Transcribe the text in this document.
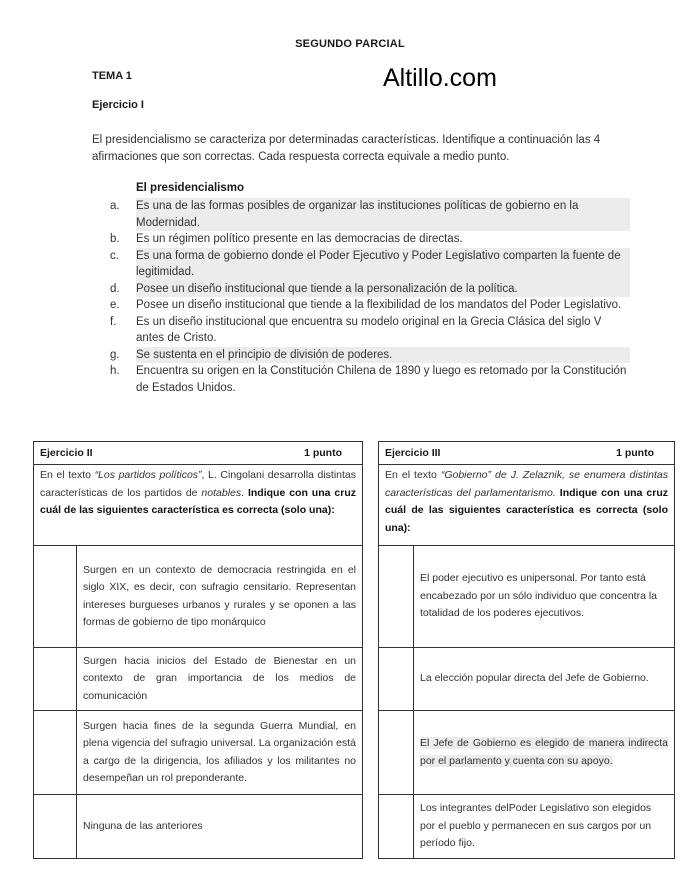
SEGUNDO PARCIAL
TEMA 1	Altillo.com
Ejercicio I
El presidencialismo se caracteriza por determinadas características. Identifique a continuación las 4 afirmaciones que son correctas. Cada respuesta correcta equivale a medio punto.
El presidencialismo
a.	Es una de las formas posibles de organizar las instituciones políticas de gobierno en la Modernidad.
b.	Es un régimen político presente en las democracias de directas.
c.	Es una forma de gobierno donde el Poder Ejecutivo y Poder Legislativo comparten la fuente de legitimidad.
d.	Posee un diseño institucional que tiende a la personalización de la política.
e.	Posee un diseño institucional que tiende a la flexibilidad de los mandatos del Poder Legislativo.
f.	Es un diseño institucional que encuentra su modelo original en la Grecia Clásica del siglo V antes de Cristo.
g.	Se sustenta en el principio de división de poderes.
h.	Encuentra su origen en la Constitución Chilena de 1890 y luego es retomado por la Constitución de Estados Unidos.
Ejercicio II	1 punto
En el texto “Los partidos políticos”, L. Cingolani desarrolla distintas características de los partidos de notables. Indique con una cruz cuál de las siguientes característica es correcta (solo una):
	Surgen en un contexto de democracia restringida en el siglo XIX, es decir, con sufragio censitario. Representan intereses burgueses urbanos y rurales y se oponen a las formas de gobierno de tipo monárquico
	Surgen hacia inicios del Estado de Bienestar en un contexto de gran importancia de los medios de comunicación
	Surgen hacia fines de la segunda Guerra Mundial, en plena vigencia del sufragio universal. La organización está a cargo de la dirigencia, los afiliados y los militantes no desempeñan un rol preponderante.
	Ninguna de las anteriores
Ejercicio III	1 punto
En el texto “Gobierno” de J. Zelaznik, se enumera distintas características del parlamentarismo. Indique con una cruz cuál de las siguientes característica es correcta (solo una):
	El poder ejecutivo es unipersonal. Por tanto está encabezado por un sólo individuo que concentra la totalidad de los poderes ejecutivos.
	La elección popular directa del Jefe de Gobierno.
	El Jefe de Gobierno es elegido de manera indirecta por el parlamento y cuenta con su apoyo.
	Los integrantes delPoder Legislativo son elegidos por el pueblo y permanecen en sus cargos por un período fijo.
